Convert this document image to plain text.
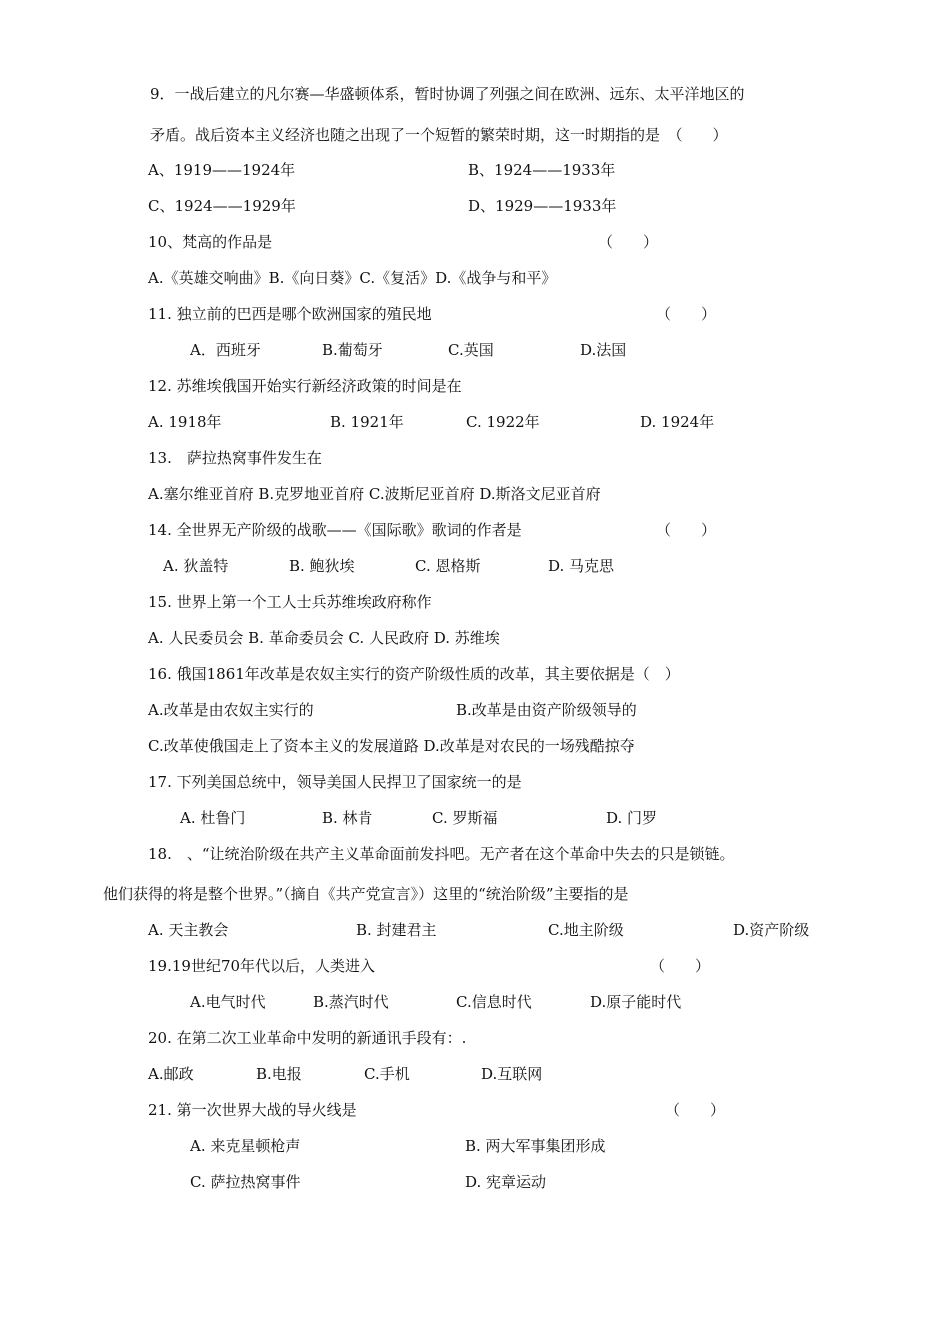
9．一战后建立的凡尔赛—华盛顿体系，暂时协调了列强之间在欧洲、远东、太平洋地区的
矛盾。战后资本主义经济也随之出现了一个短暂的繁荣时期，这一时期指的是　（　　）
A、1919——1924年	B、1924——1933年
C、1924——1929年	D、1929——1933年
10、梵高的作品是	（　　）
A.《英雄交响曲》B.《向日葵》C.《复活》D.《战争与和平》
11. 独立前的巴西是哪个欧洲国家的殖民地	（　　）
A．西班牙	B.葡萄牙	C.英国	D.法国
12. 苏维埃俄国开始实行新经济政策的时间是在
A. 1918年	B. 1921年	C. 1922年	D. 1924年
13.　萨拉热窝事件发生在
A.塞尔维亚首府 B.克罗地亚首府 C.波斯尼亚首府 D.斯洛文尼亚首府
14. 全世界无产阶级的战歌——《国际歌》歌词的作者是	（　　）
A. 狄盖特	B. 鲍狄埃	C. 恩格斯	D. 马克思
15. 世界上第一个工人士兵苏维埃政府称作
A. 人民委员会 B. 革命委员会 C. 人民政府 D. 苏维埃
16. 俄国1861年改革是农奴主实行的资产阶级性质的改革，其主要依据是（　）
A.改革是由农奴主实行的	B.改革是由资产阶级领导的
C.改革使俄国走上了资本主义的发展道路 D.改革是对农民的一场残酷掠夺
17. 下列美国总统中，领导美国人民捍卫了国家统一的是
A. 杜鲁门	B. 林肯	C. 罗斯福	D. 门罗
18.　、“让统治阶级在共产主义革命面前发抖吧。无产者在这个革命中失去的只是锁链。
他们获得的将是整个世界。”（摘自《共产党宣言》）这里的“统治阶级”主要指的是
A. 天主教会	B. 封建君主	C.地主阶级	D.资产阶级
19.19世纪70年代以后，人类进入	（　　）
A.电气时代	B.蒸汽时代	C.信息时代	D.原子能时代
20. 在第二次工业革命中发明的新通讯手段有：.
A.邮政	B.电报	C.手机	D.互联网
21. 第一次世界大战的导火线是	（　　）
A. 来克星顿枪声	B. 两大军事集团形成
C. 萨拉热窝事件	D. 宪章运动
